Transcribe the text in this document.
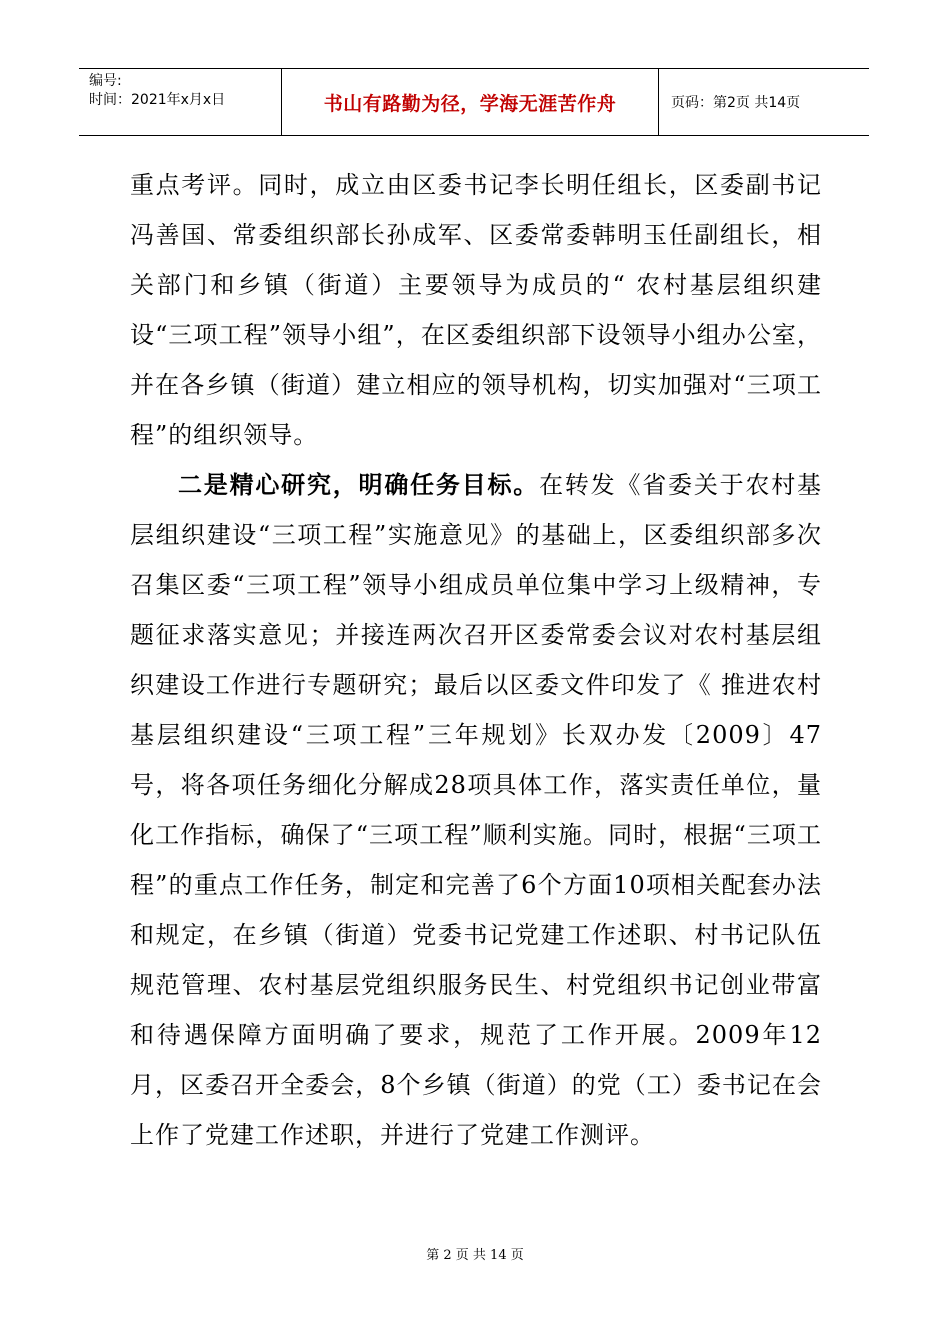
编号:
时间：2021年x月x日	书山有路勤为径，学海无涯苦作舟	页码：第2页 共14页

重点考评。同时，成立由区委书记李长明任组长，区委副书记冯善国、常委组织部长孙成军、区委常委韩明玉任副组长，相关部门和乡镇（街道）主要领导为成员的“ 农村基层组织建设“三项工程”领导小组”，在区委组织部下设领导小组办公室，并在各乡镇（街道）建立相应的领导机构，切实加强对“三项工程”的组织领导。

二是精心研究，明确任务目标。在转发《省委关于农村基层组织建设“三项工程”实施意见》的基础上，区委组织部多次召集区委“三项工程”领导小组成员单位集中学习上级精神，专题征求落实意见；并接连两次召开区委常委会议对农村基层组织建设工作进行专题研究；最后以区委文件印发了《 推进农村基层组织建设“三项工程”三年规划》长双办发〔2009〕47号，将各项任务细化分解成28项具体工作，落实责任单位，量化工作指标，确保了“三项工程”顺利实施。同时，根据“三项工程”的重点工作任务，制定和完善了6个方面10项相关配套办法和规定，在乡镇（街道）党委书记党建工作述职、村书记队伍规范管理、农村基层党组织服务民生、村党组织书记创业带富和待遇保障方面明确了要求，规范了工作开展。2009年12月，区委召开全委会，8个乡镇（街道）的党（工）委书记在会上作了党建工作述职，并进行了党建工作测评。

第 2 页 共 14 页
